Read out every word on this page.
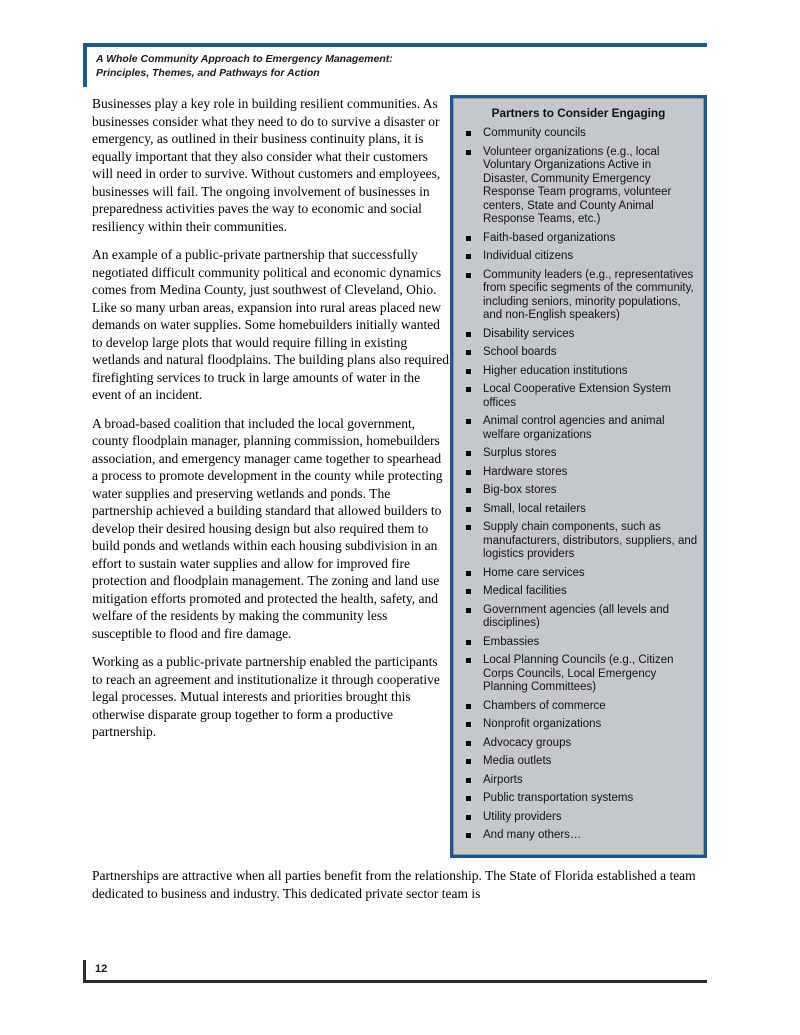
A Whole Community Approach to Emergency Management:
Principles, Themes, and Pathways for Action

Businesses play a key role in building resilient communities. As businesses consider what they need to do to survive a disaster or emergency, as outlined in their business continuity plans, it is equally important that they also consider what their customers will need in order to survive. Without customers and employees, businesses will fail. The ongoing involvement of businesses in preparedness activities paves the way to economic and social resiliency within their communities.

An example of a public-private partnership that successfully negotiated difficult community political and economic dynamics comes from Medina County, just southwest of Cleveland, Ohio. Like so many urban areas, expansion into rural areas placed new demands on water supplies. Some homebuilders initially wanted to develop large plots that would require filling in existing wetlands and natural floodplains. The building plans also required firefighting services to truck in large amounts of water in the event of an incident.

A broad-based coalition that included the local government, county floodplain manager, planning commission, homebuilders association, and emergency manager came together to spearhead a process to promote development in the county while protecting water supplies and preserving wetlands and ponds. The partnership achieved a building standard that allowed builders to develop their desired housing design but also required them to build ponds and wetlands within each housing subdivision in an effort to sustain water supplies and allow for improved fire protection and floodplain management. The zoning and land use mitigation efforts promoted and protected the health, safety, and welfare of the residents by making the community less susceptible to flood and fire damage.

Working as a public-private partnership enabled the participants to reach an agreement and institutionalize it through cooperative legal processes. Mutual interests and priorities brought this otherwise disparate group together to form a productive partnership.

Partners to Consider Engaging
Community councils
Volunteer organizations (e.g., local Voluntary Organizations Active in Disaster, Community Emergency Response Team programs, volunteer centers, State and County Animal Response Teams, etc.)
Faith-based organizations
Individual citizens
Community leaders (e.g., representatives from specific segments of the community, including seniors, minority populations, and non-English speakers)
Disability services
School boards
Higher education institutions
Local Cooperative Extension System offices
Animal control agencies and animal welfare organizations
Surplus stores
Hardware stores
Big-box stores
Small, local retailers
Supply chain components, such as manufacturers, distributors, suppliers, and logistics providers
Home care services
Medical facilities
Government agencies (all levels and disciplines)
Embassies
Local Planning Councils (e.g., Citizen Corps Councils, Local Emergency Planning Committees)
Chambers of commerce
Nonprofit organizations
Advocacy groups
Media outlets
Airports
Public transportation systems
Utility providers
And many others…
Partnerships are attractive when all parties benefit from the relationship. The State of Florida established a team dedicated to business and industry. This dedicated private sector team is
12
